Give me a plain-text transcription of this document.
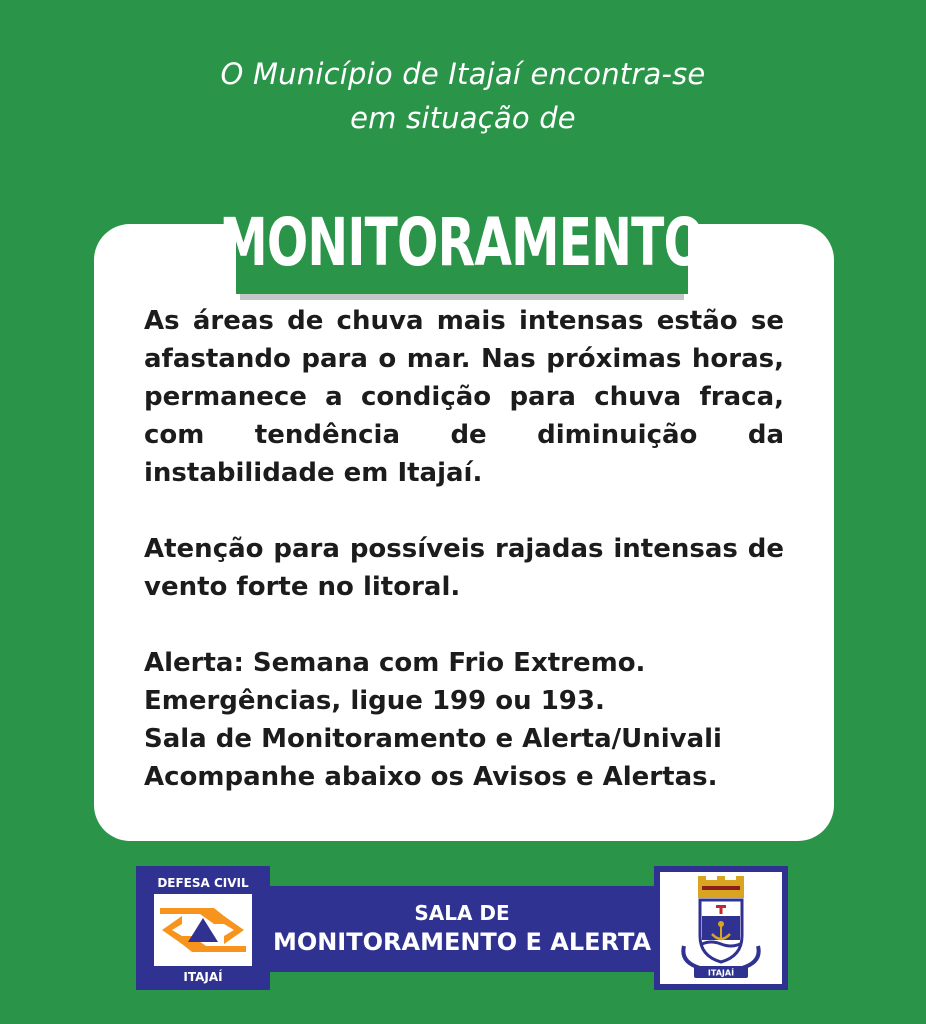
O Município de Itajaí encontra-se
em situação de
MONITORAMENTO

As áreas de chuva mais intensas estão se afastando para o mar. Nas próximas horas, permanece a condição para chuva fraca, com tendência de diminuição da instabilidade em Itajaí.

Atenção para possíveis rajadas intensas de vento forte no litoral.

Alerta: Semana com Frio Extremo.
Emergências, ligue 199 ou 193.
Sala de Monitoramento e Alerta/Univali
Acompanhe abaixo os Avisos e Alertas.
SALA DE
MONITORAMENTO E ALERTA
DEFESA CIVIL
ITAJAÍ	ITAJAÍ
